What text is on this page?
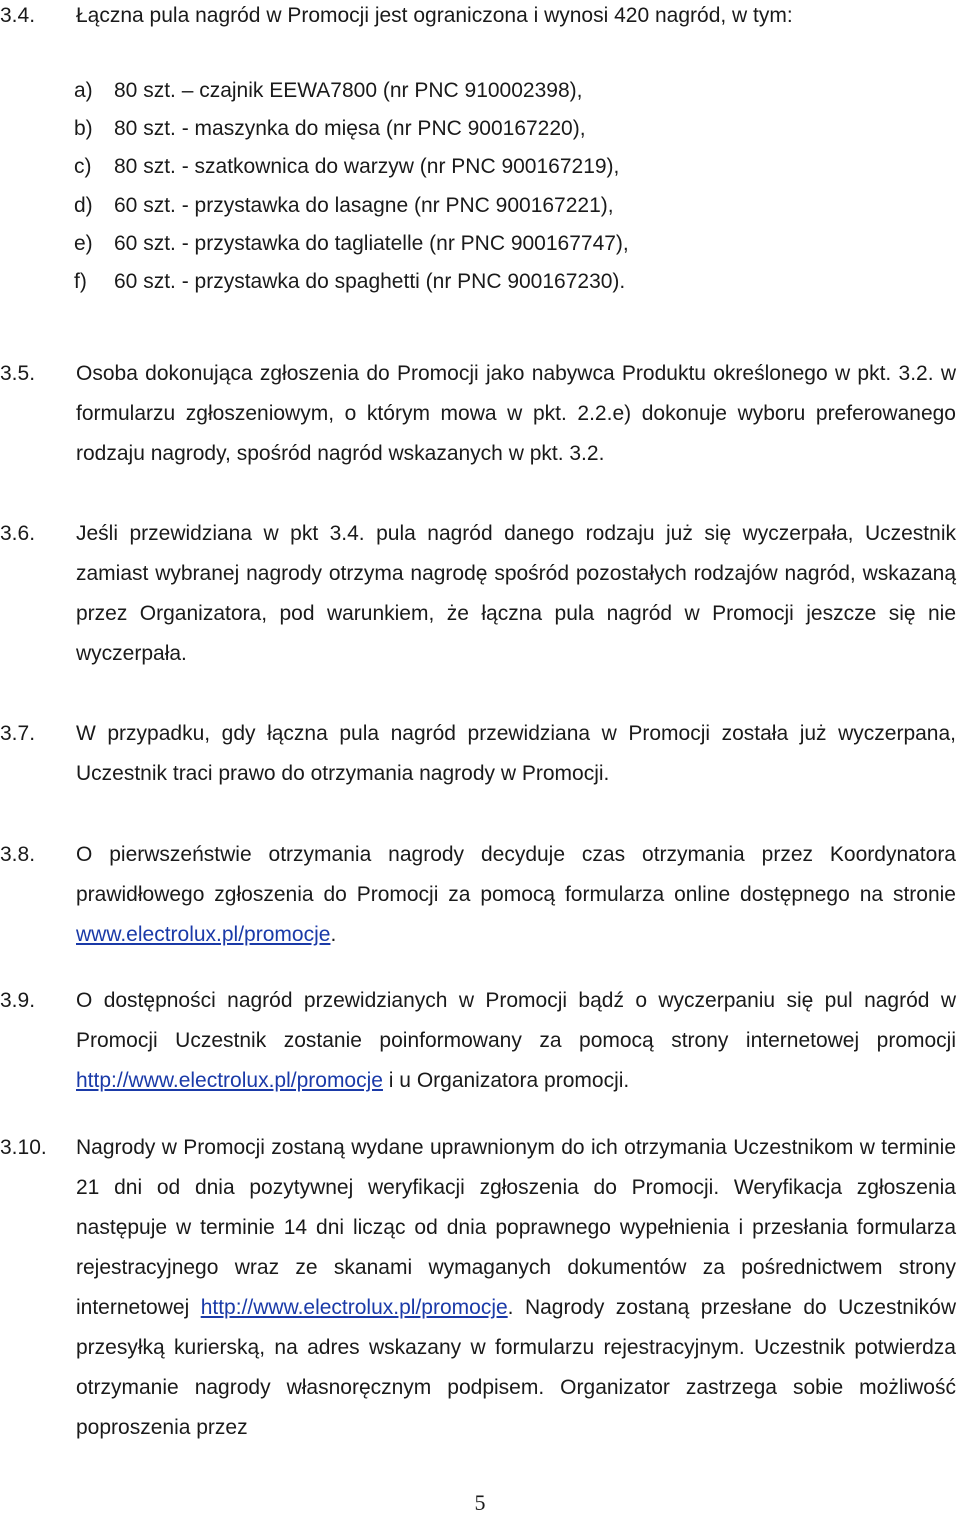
3.4. Łączna pula nagród w Promocji jest ograniczona i wynosi 420 nagród, w tym:
a) 80 szt. – czajnik EEWA7800 (nr PNC 910002398),
b) 80 szt. - maszynka do mięsa (nr PNC 900167220),
c) 80 szt. - szatkownica do warzyw (nr PNC 900167219),
d) 60 szt. - przystawka do lasagne (nr PNC 900167221),
e) 60 szt. - przystawka do tagliatelle (nr PNC 900167747),
f) 60 szt. - przystawka do spaghetti (nr PNC 900167230).
3.5. Osoba dokonująca zgłoszenia do Promocji jako nabywca Produktu określonego w pkt. 3.2. w formularzu zgłoszeniowym, o którym mowa w pkt. 2.2.e) dokonuje wyboru preferowanego rodzaju nagrody, spośród nagród wskazanych w pkt. 3.2.
3.6. Jeśli przewidziana w pkt 3.4. pula nagród danego rodzaju już się wyczerpała, Uczestnik zamiast wybranej nagrody otrzyma nagrodę spośród pozostałych rodzajów nagród, wskazaną przez Organizatora, pod warunkiem, że łączna pula nagród w Promocji jeszcze się nie wyczerpała.
3.7. W przypadku, gdy łączna pula nagród przewidziana w Promocji została już wyczerpana, Uczestnik traci prawo do otrzymania nagrody w Promocji.
3.8. O pierwszeństwie otrzymania nagrody decyduje czas otrzymania przez Koordynatora prawidłowego zgłoszenia do Promocji za pomocą formularza online dostępnego na stronie www.electrolux.pl/promocje.
3.9. O dostępności nagród przewidzianych w Promocji bądź o wyczerpaniu się pul nagród w Promocji Uczestnik zostanie poinformowany za pomocą strony internetowej promocji http://www.electrolux.pl/promocje i u Organizatora promocji.
3.10. Nagrody w Promocji zostaną wydane uprawnionym do ich otrzymania Uczestnikom w terminie 21 dni od dnia pozytywnej weryfikacji zgłoszenia do Promocji. Weryfikacja zgłoszenia następuje w terminie 14 dni licząc od dnia poprawnego wypełnienia i przesłania formularza rejestracyjnego wraz ze skanami wymaganych dokumentów za pośrednictwem strony internetowej http://www.electrolux.pl/promocje. Nagrody zostaną przesłane do Uczestników przesyłką kurierską, na adres wskazany w formularzu rejestracyjnym. Uczestnik potwierdza otrzymanie nagrody własnoręcznym podpisem. Organizator zastrzega sobie możliwość poproszenia przez
5
